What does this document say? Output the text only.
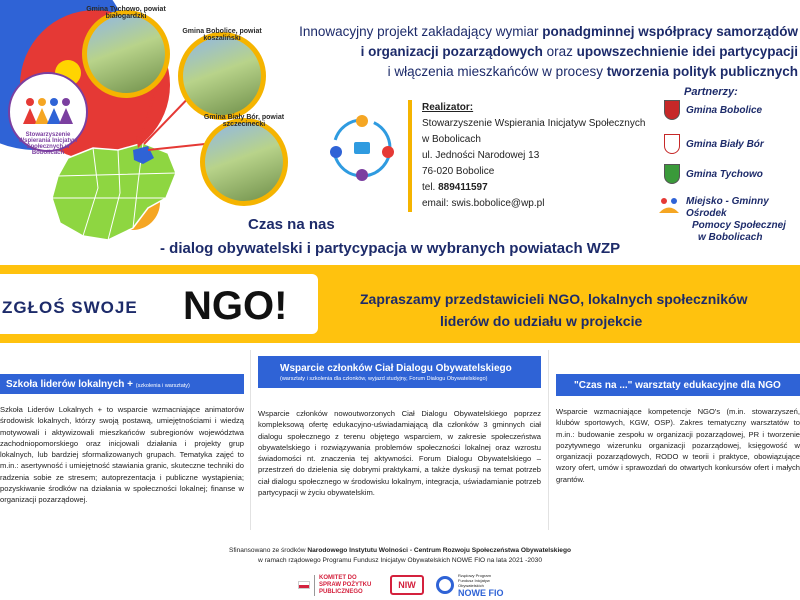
Stowarzyszenie Wspierania Inicjatyw Społecznych w Bobolicach
Gmina Tychowo, powiat białogardzki
Gmina Bobolice, powiat koszaliński
Gmina Biały Bór, powiat szczecinecki
Innowacyjny projekt zakładający wymiar ponadgminnej współpracy samorządów
i organizacji pozarządowych oraz upowszechnienie idei partycypacji
i włączenia mieszkańców w procesy tworzenia polityk publicznych
Realizator:
Stowarzyszenie Wspierania Inicjatyw Społecznych
w Bobolicach
ul. Jedności Narodowej 13
76-020 Bobolice
tel. 889411597
email: swis.bobolice@wp.pl
Partnerzy:
Gmina Bobolice
Gmina Biały Bór
Gmina Tychowo
Miejsko - Gminny Ośrodek
Pomocy Społecznej
w Bobolicach
Czas na nas
- dialog obywatelski i partycypacja w wybranych powiatach WZP
ZGŁOŚ SWOJE NGO!	Zapraszamy przedstawicieli NGO, lokalnych społeczników
liderów do udziału w projekcie
Szkoła liderów lokalnych + (szkolenia i warsztaty)
Szkoła Liderów Lokalnych + to wsparcie wzmacniające animatorów środowisk lokalnych, którzy swoją postawą, umiejętnościami i wiedzą motywowali i aktywizowali mieszkańców subregionów województwa zachodniopomorskiego oraz inicjowali działania i projekty grup lokalnych, lub bardziej sformalizowanych grupach. Tematyka zajęć to m.in.: asertywność i umiejętność stawiania granic, skuteczne techniki do radzenia sobie ze stresem; autoprezentacja i publiczne wystąpienia; pozyskiwanie środków na działania w społeczności lokalnej; finanse w organizacji pozarządowej.
Wsparcie członków Ciał Dialogu Obywatelskiego
(warsztaty i szkolenia dla członków, wyjazd studyjny, Forum Dialogu Obywatelskiego)
Wsparcie członków nowoutworzonych Ciał Dialogu Obywatelskiego poprzez kompleksową ofertę edukacyjno-uświadamiającą dla członków 3 gminnych ciał dialogu społecznego z terenu objętego wsparciem, w zakresie społeczeństwa obywatelskiego i rozwiązywania problemów społeczności lokalnej oraz wzrostu świadomości nt. znaczenia tej aktywności. Forum Dialogu Obywatelskiego – przestrzeń do dzielenia się dobrymi praktykami, a także dyskusji na temat potrzeb ciał dialogu społecznego w środowisku lokalnym, integracja, uświadamianie potrzeb partycypacji w życiu obywatelskim.
"Czas na ..." warsztaty edukacyjne dla NGO
Wsparcie wzmacniające kompetencje NGO's (m.in. stowarzyszeń, klubów sportowych, KGW, OSP). Zakres tematyczny warsztatów to m.in.: budowanie zespołu w organizacji pozarządowej, PR i tworzenie pozytywnego wizerunku organizacji pozarządowej, księgowość w organizacji pozarządowych, RODO w teorii i praktyce, obowiązujące wzory ofert, umów i sprawozdań do otwartych konkursów ofert i małych grantów.
Sfinansowano ze środków Narodowego Instytutu Wolności - Centrum Rozwoju Społeczeństwa Obywatelskiego
w ramach rządowego Programu Fundusz Inicjatyw Obywatelskich NOWE FIO na lata 2021 -2030
KOMITET DO SPRAW POŻYTKU PUBLICZNEGO
NIW
Rządowy Program Fundusz Inicjatyw Obywatelskich
NOWE FIO
